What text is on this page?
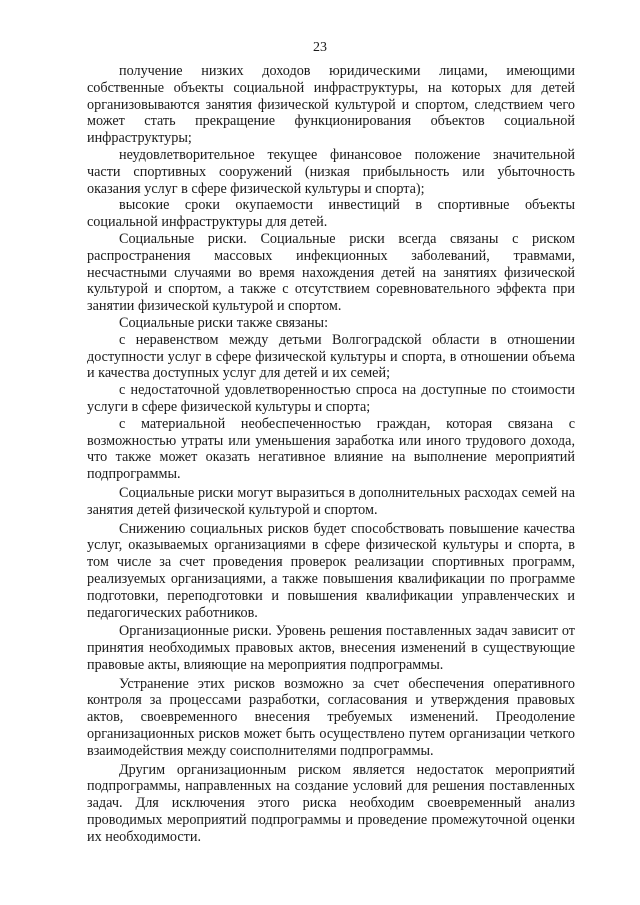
23

получение низких доходов юридическими лицами, имеющими собственные объекты социальной инфраструктуры, на которых для детей организовываются занятия физической культурой и спортом, следствием чего может стать прекращение функционирования объектов социальной инфраструктуры;

неудовлетворительное текущее финансовое положение значительной части спортивных сооружений (низкая прибыльность или убыточность оказания услуг в сфере физической культуры и спорта);

высокие сроки окупаемости инвестиций в спортивные объекты социальной инфраструктуры для детей.

Социальные риски. Социальные риски всегда связаны с риском распространения массовых инфекционных заболеваний, травмами, несчастными случаями во время нахождения детей на занятиях физической культурой и спортом, а также с отсутствием соревновательного эффекта при занятии физической культурой и спортом.

Социальные риски также связаны:

с неравенством между детьми Волгоградской области в отношении доступности услуг в сфере физической культуры и спорта, в отношении объема и качества доступных услуг для детей и их семей;

с недостаточной удовлетворенностью спроса на доступные по стоимости услуги в сфере физической культуры и спорта;

с материальной необеспеченностью граждан, которая связана с возможностью утраты или уменьшения заработка или иного трудового дохода, что также может оказать негативное влияние на выполнение мероприятий подпрограммы.

Социальные риски могут выразиться в дополнительных расходах семей на занятия детей физической культурой и спортом.

Снижению социальных рисков будет способствовать повышение качества услуг, оказываемых организациями в сфере физической культуры и спорта, в том числе за счет проведения проверок реализации спортивных программ, реализуемых организациями, а также повышения квалификации по программе подготовки, переподготовки и повышения квалификации управленческих и педагогических работников.

Организационные риски. Уровень решения поставленных задач зависит от принятия необходимых правовых актов, внесения изменений в существующие правовые акты, влияющие на мероприятия подпрограммы.

Устранение этих рисков возможно за счет обеспечения оперативного контроля за процессами разработки, согласования и утверждения правовых актов, своевременного внесения требуемых изменений. Преодоление организационных рисков может быть осуществлено путем организации четкого взаимодействия между соисполнителями подпрограммы.

Другим организационным риском является недостаток мероприятий подпрограммы, направленных на создание условий для решения поставленных задач. Для исключения этого риска необходим своевременный анализ проводимых мероприятий подпрограммы и проведение промежуточной оценки их необходимости.
